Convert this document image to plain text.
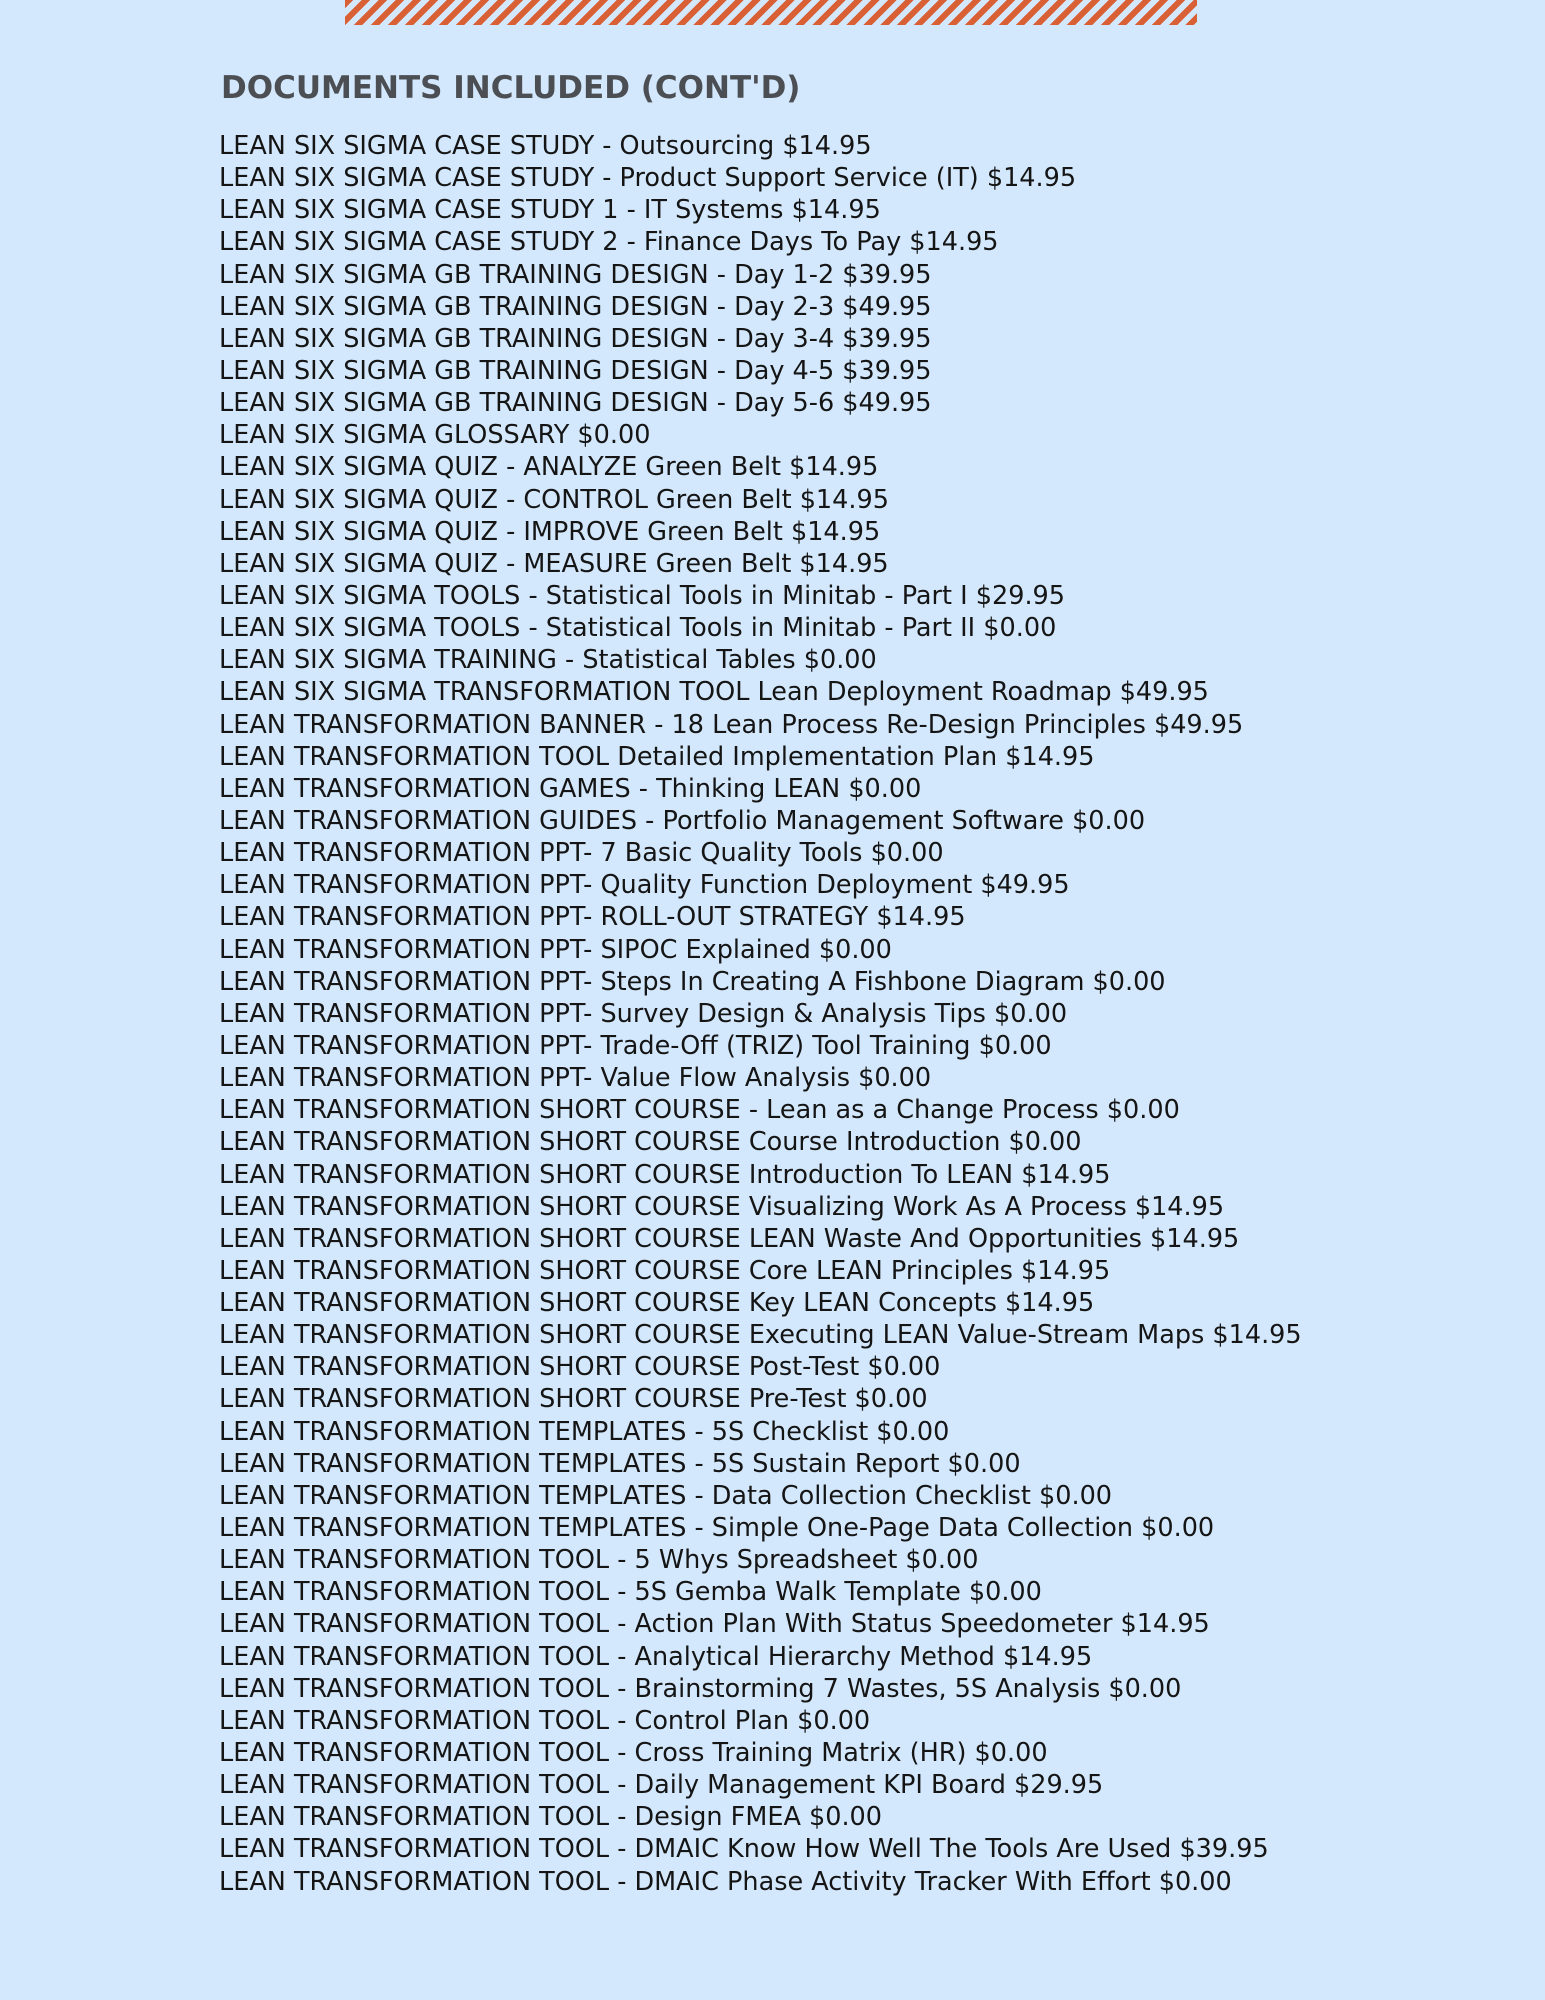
DOCUMENTS INCLUDED (CONT'D)
LEAN SIX SIGMA CASE STUDY - Outsourcing $14.95
LEAN SIX SIGMA CASE STUDY - Product Support Service (IT) $14.95
LEAN SIX SIGMA CASE STUDY 1 - IT Systems $14.95
LEAN SIX SIGMA CASE STUDY 2 - Finance Days To Pay $14.95
LEAN SIX SIGMA GB TRAINING DESIGN - Day 1-2 $39.95
LEAN SIX SIGMA GB TRAINING DESIGN - Day 2-3 $49.95
LEAN SIX SIGMA GB TRAINING DESIGN - Day 3-4 $39.95
LEAN SIX SIGMA GB TRAINING DESIGN - Day 4-5 $39.95
LEAN SIX SIGMA GB TRAINING DESIGN - Day 5-6 $49.95
LEAN SIX SIGMA GLOSSARY $0.00
LEAN SIX SIGMA QUIZ - ANALYZE Green Belt $14.95
LEAN SIX SIGMA QUIZ - CONTROL Green Belt $14.95
LEAN SIX SIGMA QUIZ - IMPROVE Green Belt $14.95
LEAN SIX SIGMA QUIZ - MEASURE Green Belt $14.95
LEAN SIX SIGMA TOOLS - Statistical Tools in Minitab - Part I $29.95
LEAN SIX SIGMA TOOLS - Statistical Tools in Minitab - Part II $0.00
LEAN SIX SIGMA TRAINING - Statistical Tables $0.00
LEAN SIX SIGMA TRANSFORMATION TOOL Lean Deployment Roadmap $49.95
LEAN TRANSFORMATION BANNER - 18 Lean Process Re-Design Principles $49.95
LEAN TRANSFORMATION TOOL Detailed Implementation Plan $14.95
LEAN TRANSFORMATION GAMES - Thinking LEAN $0.00
LEAN TRANSFORMATION GUIDES - Portfolio Management Software $0.00
LEAN TRANSFORMATION PPT- 7 Basic Quality Tools $0.00
LEAN TRANSFORMATION PPT- Quality Function Deployment $49.95
LEAN TRANSFORMATION PPT- ROLL-OUT STRATEGY $14.95
LEAN TRANSFORMATION PPT- SIPOC Explained $0.00
LEAN TRANSFORMATION PPT- Steps In Creating A Fishbone Diagram $0.00
LEAN TRANSFORMATION PPT- Survey Design & Analysis Tips $0.00
LEAN TRANSFORMATION PPT- Trade-Off (TRIZ) Tool Training $0.00
LEAN TRANSFORMATION PPT- Value Flow Analysis $0.00
LEAN TRANSFORMATION SHORT COURSE - Lean as a Change Process $0.00
LEAN TRANSFORMATION SHORT COURSE Course Introduction $0.00
LEAN TRANSFORMATION SHORT COURSE Introduction To LEAN $14.95
LEAN TRANSFORMATION SHORT COURSE Visualizing Work As A Process $14.95
LEAN TRANSFORMATION SHORT COURSE LEAN Waste And Opportunities $14.95
LEAN TRANSFORMATION SHORT COURSE Core LEAN Principles $14.95
LEAN TRANSFORMATION SHORT COURSE Key LEAN Concepts $14.95
LEAN TRANSFORMATION SHORT COURSE Executing LEAN Value-Stream Maps $14.95
LEAN TRANSFORMATION SHORT COURSE Post-Test $0.00
LEAN TRANSFORMATION SHORT COURSE Pre-Test $0.00
LEAN TRANSFORMATION TEMPLATES - 5S Checklist $0.00
LEAN TRANSFORMATION TEMPLATES - 5S Sustain Report $0.00
LEAN TRANSFORMATION TEMPLATES - Data Collection Checklist $0.00
LEAN TRANSFORMATION TEMPLATES - Simple One-Page Data Collection $0.00
LEAN TRANSFORMATION TOOL - 5 Whys Spreadsheet $0.00
LEAN TRANSFORMATION TOOL - 5S Gemba Walk Template $0.00
LEAN TRANSFORMATION TOOL - Action Plan With Status Speedometer $14.95
LEAN TRANSFORMATION TOOL - Analytical Hierarchy Method $14.95
LEAN TRANSFORMATION TOOL - Brainstorming 7 Wastes, 5S Analysis $0.00
LEAN TRANSFORMATION TOOL - Control Plan $0.00
LEAN TRANSFORMATION TOOL - Cross Training Matrix (HR) $0.00
LEAN TRANSFORMATION TOOL - Daily Management KPI Board $29.95
LEAN TRANSFORMATION TOOL - Design FMEA $0.00
LEAN TRANSFORMATION TOOL - DMAIC Know How Well The Tools Are Used $39.95
LEAN TRANSFORMATION TOOL - DMAIC Phase Activity Tracker With Effort $0.00
